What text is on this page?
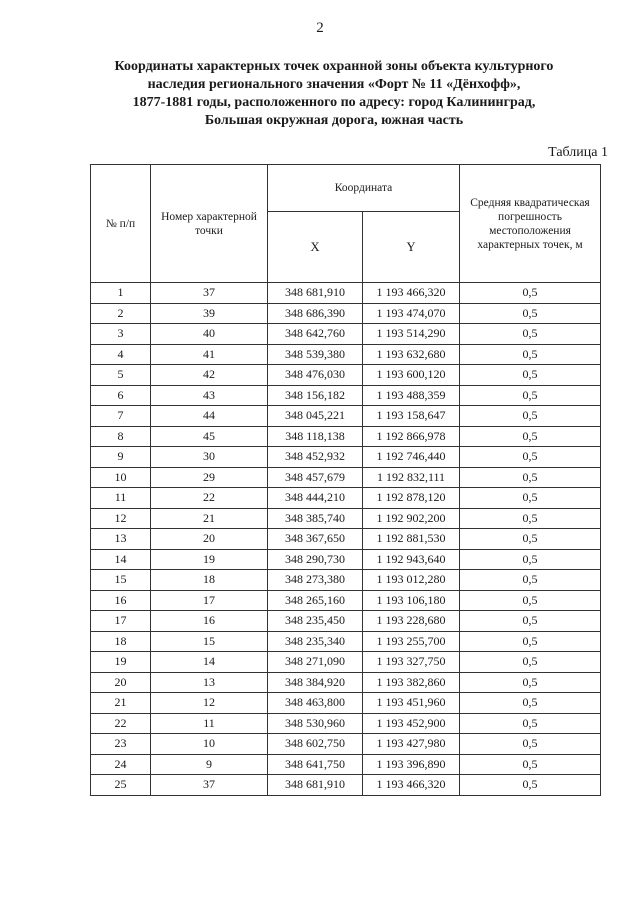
2
Координаты характерных точек охранной зоны объекта культурного
наследия регионального значения «Форт № 11 «Дёнхофф»,
1877-1881 годы, расположенного по адресу: город Калининград,
Большая окружная дорога, южная часть
Таблица 1
№ п/п	Номер характерной точки	Координата		Средняя квадратическая погрешность местоположения характерных точек, м
		X	Y	
1	37	348 681,910	1 193 466,320	0,5
2	39	348 686,390	1 193 474,070	0,5
3	40	348 642,760	1 193 514,290	0,5
4	41	348 539,380	1 193 632,680	0,5
5	42	348 476,030	1 193 600,120	0,5
6	43	348 156,182	1 193 488,359	0,5
7	44	348 045,221	1 193 158,647	0,5
8	45	348 118,138	1 192 866,978	0,5
9	30	348 452,932	1 192 746,440	0,5
10	29	348 457,679	1 192 832,111	0,5
11	22	348 444,210	1 192 878,120	0,5
12	21	348 385,740	1 192 902,200	0,5
13	20	348 367,650	1 192 881,530	0,5
14	19	348 290,730	1 192 943,640	0,5
15	18	348 273,380	1 193 012,280	0,5
16	17	348 265,160	1 193 106,180	0,5
17	16	348 235,450	1 193 228,680	0,5
18	15	348 235,340	1 193 255,700	0,5
19	14	348 271,090	1 193 327,750	0,5
20	13	348 384,920	1 193 382,860	0,5
21	12	348 463,800	1 193 451,960	0,5
22	11	348 530,960	1 193 452,900	0,5
23	10	348 602,750	1 193 427,980	0,5
24	9	348 641,750	1 193 396,890	0,5
25	37	348 681,910	1 193 466,320	0,5
